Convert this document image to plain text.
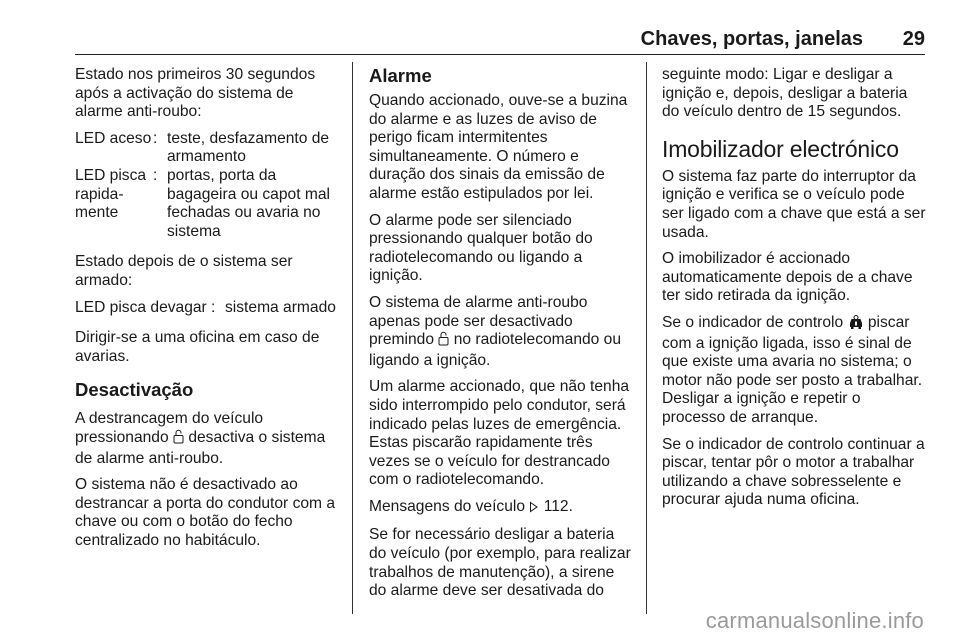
Chaves, portas, janelas 29

Estado nos primeiros 30 segundos após a activação do sistema de alarme anti-roubo:

LED aceso : teste, desfazamento de armamento
LED pisca rapida-mente
: portas, porta da bagageira ou capot mal fechadas ou avaria no sistema

Estado depois de o sistema ser armado:

LED pisca devagar : sistema armado

Dirigir-se a uma oficina em caso de avarias.

Desactivação

A destrancagem do veículo pressionando desactiva o sistema de alarme anti-roubo.

O sistema não é desactivado ao destrancar a porta do condutor com a chave ou com o botão do fecho centralizado no habitáculo.

Alarme

Quando accionado, ouve-se a buzina do alarme e as luzes de aviso de perigo ficam intermitentes simultaneamente. O número e duração dos sinais da emissão de alarme estão estipulados por lei.

O alarme pode ser silenciado pressionando qualquer botão do radiotelecomando ou ligando a ignição.

O sistema de alarme anti-roubo apenas pode ser desactivado premindo no radiotelecomando ou ligando a ignição.

Um alarme accionado, que não tenha sido interrompido pelo condutor, será indicado pelas luzes de emergência. Estas piscarão rapidamente três vezes se o veículo for destrancado com o radiotelecomando.

Mensagens do veículo 112.

Se for necessário desligar a bateria do veículo (por exemplo, para realizar trabalhos de manutenção), a sirene do alarme deve ser desativada do

seguinte modo: Ligar e desligar a ignição e, depois, desligar a bateria do veículo dentro de 15 segundos.

Imobilizador electrónico

O sistema faz parte do interruptor da ignição e verifica se o veículo pode ser ligado com a chave que está a ser usada.

O imobilizador é accionado automaticamente depois de a chave ter sido retirada da ignição.

Se o indicador de controlo piscar com a ignição ligada, isso é sinal de que existe uma avaria no sistema; o motor não pode ser posto a trabalhar. Desligar a ignição e repetir o processo de arranque.

Se o indicador de controlo continuar a piscar, tentar pôr o motor a trabalhar utilizando a chave sobresselente e procurar ajuda numa oficina.

carmanualsonline.info
